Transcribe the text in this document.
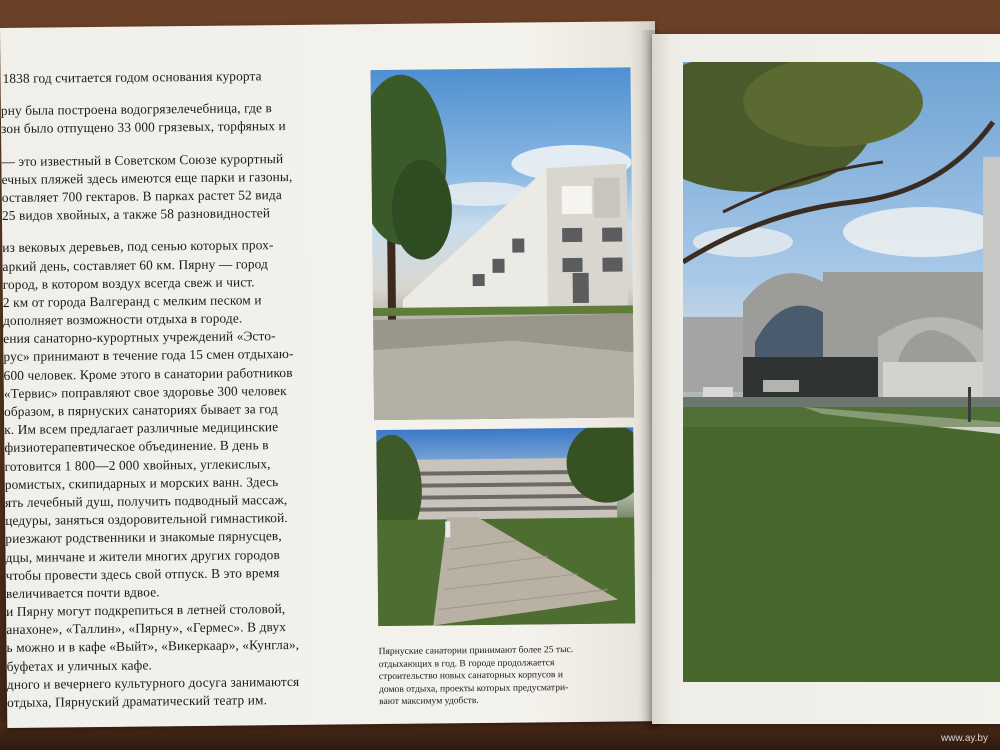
1838 год считается годом основания курорта
рну была построена водогрязелечебница, где в
зон было отпущено 33 000 грязевых, торфяных и
— это известный в Советском Союзе курортный
ечных пляжей здесь имеются еще парки и газоны,
оставляет 700 гектаров. В парках растет 52 вида
25 видов хвойных, а также 58 разновидностей
из вековых деревьев, под сенью которых прох-
аркий день, составляет 60 км. Пярну — город
город, в котором воздух всегда свеж и чист.
2 км от города Валгеранд с мелким песком и
дополняет возможности отдыха в городе.
ения санаторно-курортных учреждений «Эсто-
рус» принимают в течение года 15 смен отдыхаю-
600 человек. Кроме этого в санатории работников
«Тервис» поправляют свое здоровье 300 человек
образом, в пярнуских санаториях бывает за год
к. Им всем предлагает различные медицинские
физиотерапевтическое объединение. В день в
готовится 1 800—2 000 хвойных, углекислых,
ромистых, скипидарных и морских ванн. Здесь
ять лечебный душ, получить подводный массаж,
цедуры, заняться оздоровительной гимнастикой.
риезжают родственники и знакомые пярнусцев,
дцы, минчане и жители многих других городов
чтобы провести здесь свой отпуск. В это время
величивается почти вдвое.
и Пярну могут подкрепиться в летней столовой,
анахоне», «Таллин», «Пярну», «Гермес». В двух
ь можно и в кафе «Выйт», «Викеркаар», «Кунгла»,
буфетах и уличных кафе.
дного и вечернего культурного досуга занимаются
отдыха, Пярнуский драматический театр им.
Пярнуские санатории принимают более 25 тыс.
отдыхающих в год. В городе продолжается
строительство новых санаторных корпусов и
домов отдыха, проекты которых предусматри-
вают максимум удобств.
www.ay.by
